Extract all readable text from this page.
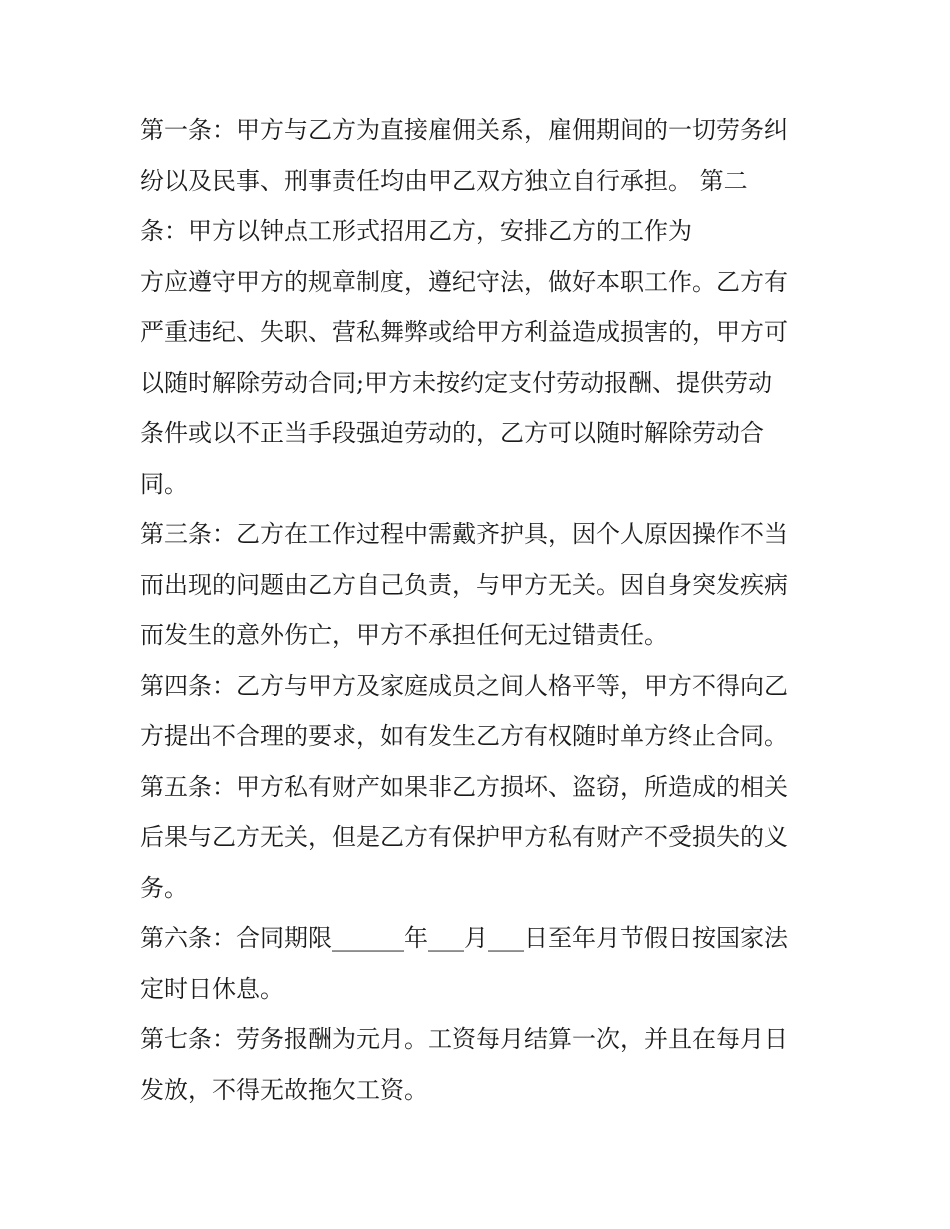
第一条：甲方与乙方为直接雇佣关系，雇佣期间的一切劳务纠
纷以及民事、刑事责任均由甲乙双方独立自行承担。 第二
条：甲方以钟点工形式招用乙方，安排乙方的工作为
方应遵守甲方的规章制度，遵纪守法，做好本职工作。乙方有
严重违纪、失职、营私舞弊或给甲方利益造成损害的，甲方可
以随时解除劳动合同;甲方未按约定支付劳动报酬、提供劳动
条件或以不正当手段强迫劳动的，乙方可以随时解除劳动合
同。
第三条：乙方在工作过程中需戴齐护具，因个人原因操作不当
而出现的问题由乙方自己负责，与甲方无关。因自身突发疾病
而发生的意外伤亡，甲方不承担任何无过错责任。
第四条：乙方与甲方及家庭成员之间人格平等，甲方不得向乙
方提出不合理的要求，如有发生乙方有权随时单方终止合同。
第五条：甲方私有财产如果非乙方损坏、盗窃，所造成的相关
后果与乙方无关，但是乙方有保护甲方私有财产不受损失的义
务。
第六条：合同期限______年___月___日至年月节假日按国家法
定时日休息。
第七条：劳务报酬为元月。工资每月结算一次，并且在每月日
发放，不得无故拖欠工资。
